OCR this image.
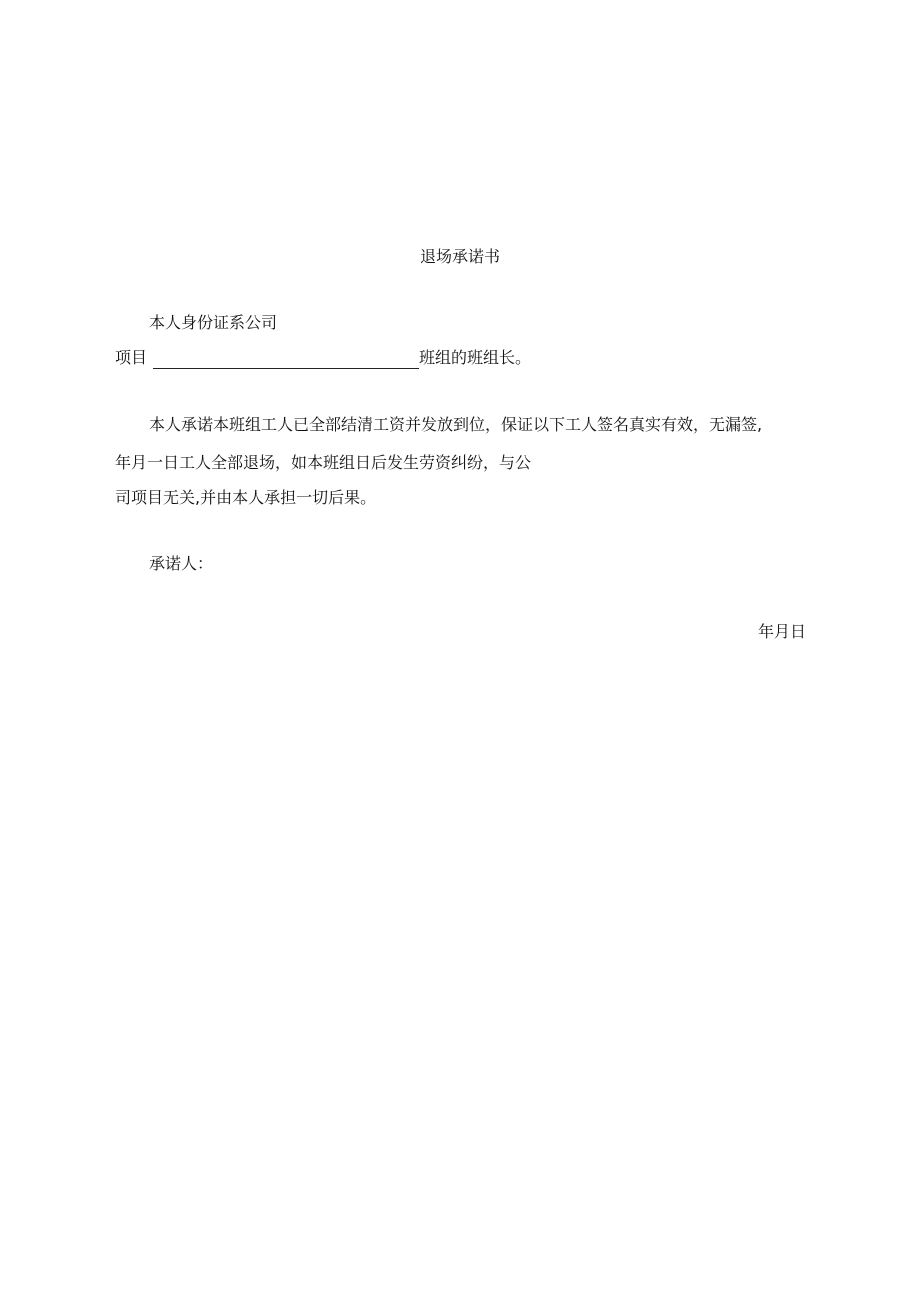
退场承诺书
本人身份证系公司
项目	班组的班组长。
本人承诺本班组工人已全部结清工资并发放到位，保证以下工人签名真实有效，无漏签,
年月一日工人全部退场，如本班组日后发生劳资纠纷，与公
司项目无关,并由本人承担一切后果。
承诺人：
年月日
